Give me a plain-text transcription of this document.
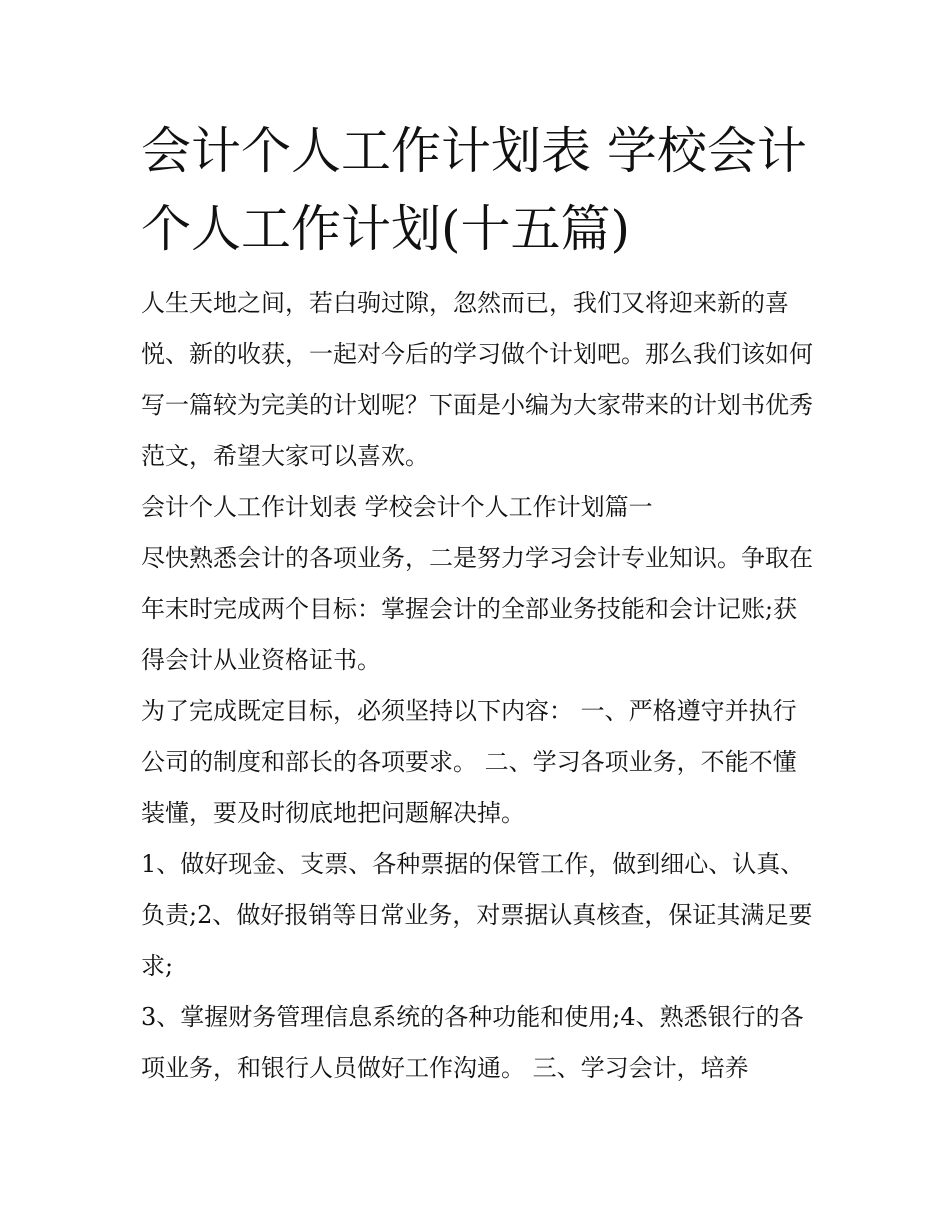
会计个人工作计划表 学校会计个人工作计划(十五篇)

人生天地之间，若白驹过隙，忽然而已，我们又将迎来新的喜悦、新的收获，一起对今后的学习做个计划吧。那么我们该如何写一篇较为完美的计划呢？下面是小编为大家带来的计划书优秀范文，希望大家可以喜欢。

会计个人工作计划表 学校会计个人工作计划篇一

尽快熟悉会计的各项业务，二是努力学习会计专业知识。争取在年末时完成两个目标：掌握会计的全部业务技能和会计记账;获得会计从业资格证书。

为了完成既定目标，必须坚持以下内容： 一、严格遵守并执行公司的制度和部长的各项要求。 二、学习各项业务，不能不懂装懂，要及时彻底地把问题解决掉。

1、做好现金、支票、各种票据的保管工作，做到细心、认真、负责;2、做好报销等日常业务，对票据认真核查，保证其满足要求;

3、掌握财务管理信息系统的各种功能和使用;4、熟悉银行的各项业务，和银行人员做好工作沟通。 三、学习会计，培养
